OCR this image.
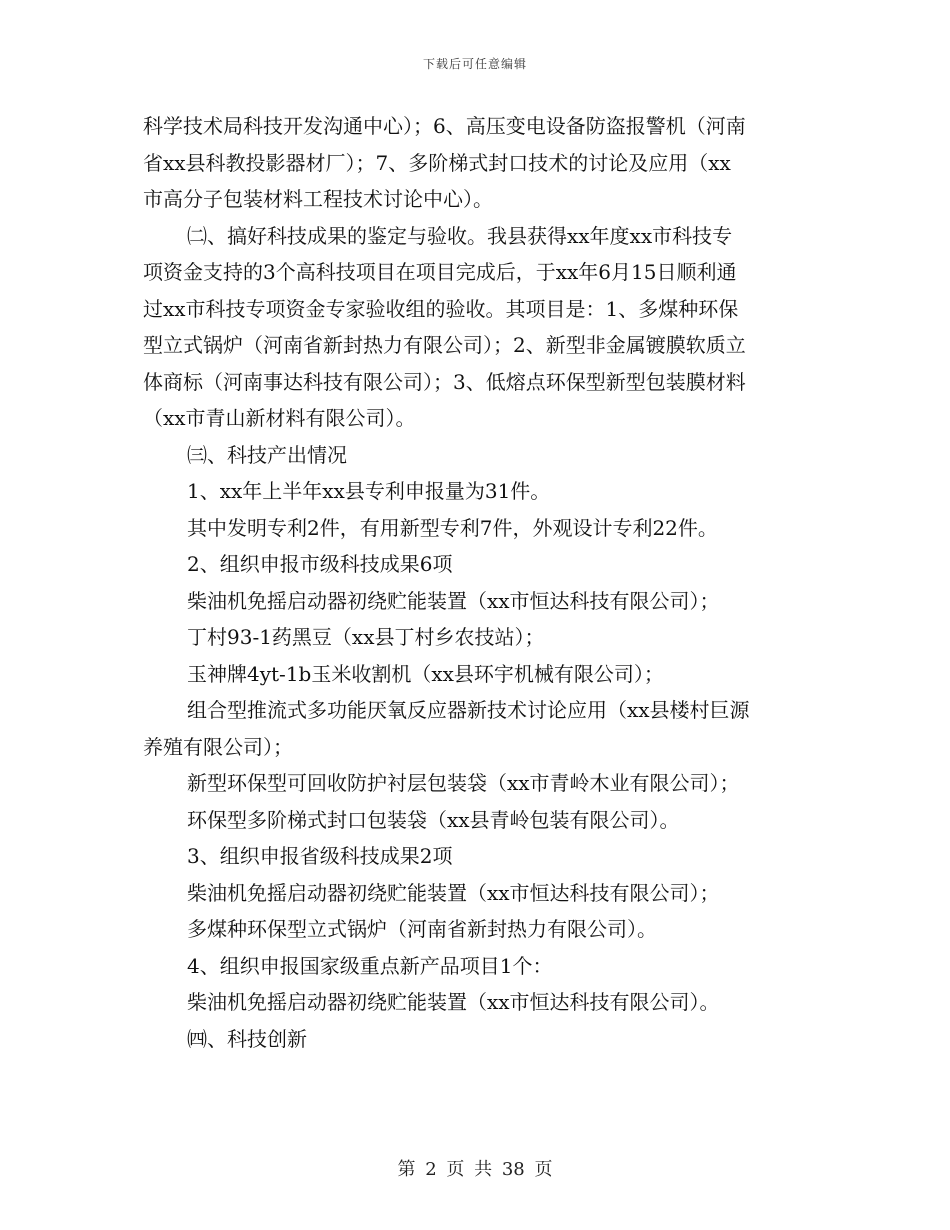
下载后可任意编辑
科学技术局科技开发沟通中心）；6、高压变电设备防盗报警机（河南
省xx县科教投影器材厂）；7、多阶梯式封口技术的讨论及应用（xx
市高分子包装材料工程技术讨论中心）。
㈡、搞好科技成果的鉴定与验收。我县获得xx年度xx市科技专
项资金支持的3个高科技项目在项目完成后，于xx年6月15日顺利通
过xx市科技专项资金专家验收组的验收。其项目是：1、多煤种环保
型立式锅炉（河南省新封热力有限公司）；2、新型非金属镀膜软质立
体商标（河南事达科技有限公司）；3、低熔点环保型新型包装膜材料
（xx市青山新材料有限公司）。
㈢、科技产出情况
1、xx年上半年xx县专利申报量为31件。
其中发明专利2件，有用新型专利7件，外观设计专利22件。
2、组织申报市级科技成果6项
柴油机免摇启动器初绕贮能装置（xx市恒达科技有限公司）；
丁村93-1药黑豆（xx县丁村乡农技站）；
玉神牌4yt-1b玉米收割机（xx县环宇机械有限公司）；
组合型推流式多功能厌氧反应器新技术讨论应用（xx县楼村巨源
养殖有限公司）；
新型环保型可回收防护衬层包装袋（xx市青岭木业有限公司）；
环保型多阶梯式封口包装袋（xx县青岭包装有限公司）。
3、组织申报省级科技成果2项
柴油机免摇启动器初绕贮能装置（xx市恒达科技有限公司）；
多煤种环保型立式锅炉（河南省新封热力有限公司）。
4、组织申报国家级重点新产品项目1个：
柴油机免摇启动器初绕贮能装置（xx市恒达科技有限公司）。
㈣、科技创新
第 2 页 共 38 页
